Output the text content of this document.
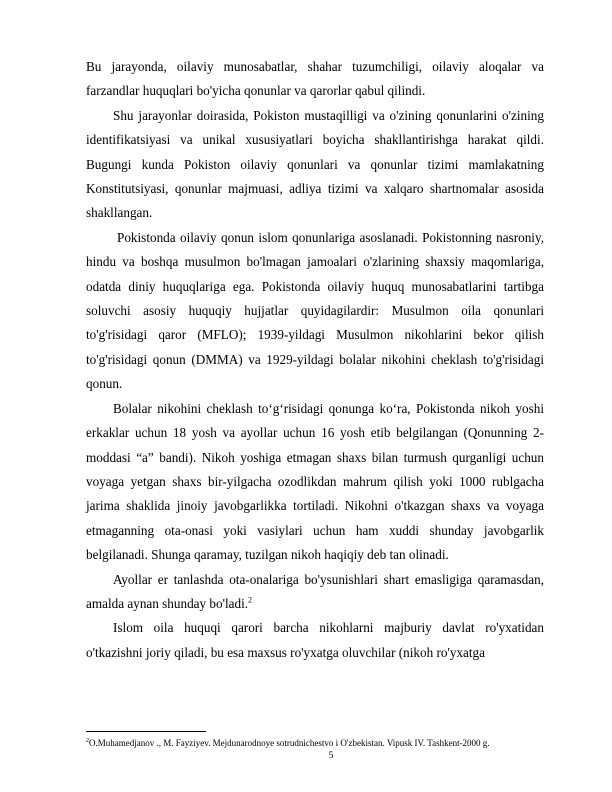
Bu jarayonda, oilaviy munosabatlar, shahar tuzumchiligi, oilaviy aloqalar va farzandlar huquqlari bo'yicha qonunlar va qarorlar qabul qilindi.

Shu jarayonlar doirasida, Pokiston mustaqilligi va o'zining qonunlarini o'zining identifikatsiyasi va unikal xususiyatlari boyicha shakllantirishga harakat qildi. Bugungi kunda Pokiston oilaviy qonunlari va qonunlar tizimi mamlakatning Konstitutsiyasi, qonunlar majmuasi, adliya tizimi va xalqaro shartnomalar asosida shakllangan.

Pokistonda oilaviy qonun islom qonunlariga asoslanadi. Pokistonning nasroniy, hindu va boshqa musulmon bo'lmagan jamoalari o'zlarining shaxsiy maqomlariga, odatda diniy huquqlariga ega. Pokistonda oilaviy huquq munosabatlarini tartibga soluvchi asosiy huquqiy hujjatlar quyidagilardir: Musulmon oila qonunlari to'g'risidagi qaror (MFLO); 1939-yildagi Musulmon nikohlarini bekor qilish to'g'risidagi qonun (DMMA) va 1929-yildagi bolalar nikohini cheklash to'g'risidagi qonun.

Bolalar nikohini cheklash to‘g‘risidagi qonunga ko‘ra, Pokistonda nikoh yoshi erkaklar uchun 18 yosh va ayollar uchun 16 yosh etib belgilangan (Qonunning 2-moddasi “a” bandi). Nikoh yoshiga etmagan shaxs bilan turmush qurganligi uchun voyaga yetgan shaxs bir-yilgacha ozodlikdan mahrum qilish yoki 1000 rublgacha jarima shaklida jinoiy javobgarlikka tortiladi. Nikohni o'tkazgan shaxs va voyaga etmaganning ota-onasi yoki vasiylari uchun ham xuddi shunday javobgarlik belgilanadi. Shunga qaramay, tuzilgan nikoh haqiqiy deb tan olinadi.

Ayollar er tanlashda ota-onalariga bo'ysunishlari shart emasligiga qaramasdan, amalda aynan shunday bo'ladi.$^2$

Islom oila huquqi qarori barcha nikohlarni majburiy davlat ro'yxatidan o'tkazishni joriy qiladi, bu esa maxsus ro'yxatga oluvchilar (nikoh ro'yxatga

$^2$O.Muhamedjanov ., M. Fayziyev. Mejdunarodnoye sotrudnichestvo i O'zbekistan. Vipusk IV. Tashkent-2000 g.
5
